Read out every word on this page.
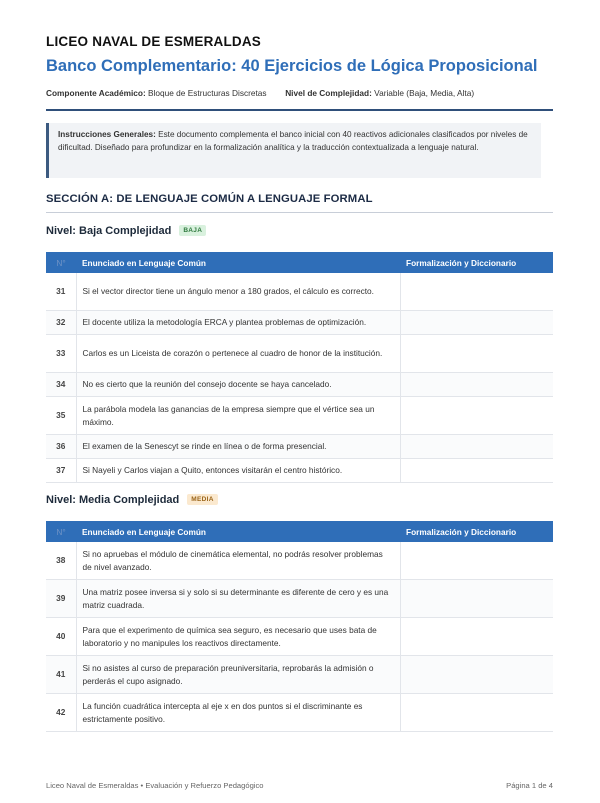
LICEO NAVAL DE ESMERALDAS
Banco Complementario: 40 Ejercicios de Lógica Proposicional
Componente Académico: Bloque de Estructuras Discretas Nivel de Complejidad: Variable (Baja, Media, Alta)
Instrucciones Generales: Este documento complementa el banco inicial con 40 reactivos adicionales clasificados por niveles de dificultad. Diseñado para profundizar en la formalización analítica y la traducción contextualizada a lenguaje natural.
SECCIÓN A: DE LENGUAJE COMÚN A LENGUAJE FORMAL
Nivel: Baja Complejidad BAJA
N°	Enunciado en Lenguaje Común	Formalización y Diccionario
31	Si el vector director tiene un ángulo menor a 180 grados, el cálculo es correcto.	
32	El docente utiliza la metodología ERCA y plantea problemas de optimización.	
33	Carlos es un Liceista de corazón o pertenece al cuadro de honor de la institución.	
34	No es cierto que la reunión del consejo docente se haya cancelado.	
35	La parábola modela las ganancias de la empresa siempre que el vértice sea un máximo.	
36	El examen de la Senescyt se rinde en línea o de forma presencial.	
37	Si Nayeli y Carlos viajan a Quito, entonces visitarán el centro histórico.	
Nivel: Media Complejidad MEDIA
N°	Enunciado en Lenguaje Común	Formalización y Diccionario
38	Si no apruebas el módulo de cinemática elemental, no podrás resolver problemas de nivel avanzado.	
39	Una matriz posee inversa si y solo si su determinante es diferente de cero y es una matriz cuadrada.	
40	Para que el experimento de química sea seguro, es necesario que uses bata de laboratorio y no manipules los reactivos directamente.	
41	Si no asistes al curso de preparación preuniversitaria, reprobarás la admisión o perderás el cupo asignado.	
42	La función cuadrática intercepta al eje x en dos puntos si el discriminante es estrictamente positivo.	
Liceo Naval de Esmeraldas • Evaluación y Refuerzo Pedagógico	Página 1 de 4
